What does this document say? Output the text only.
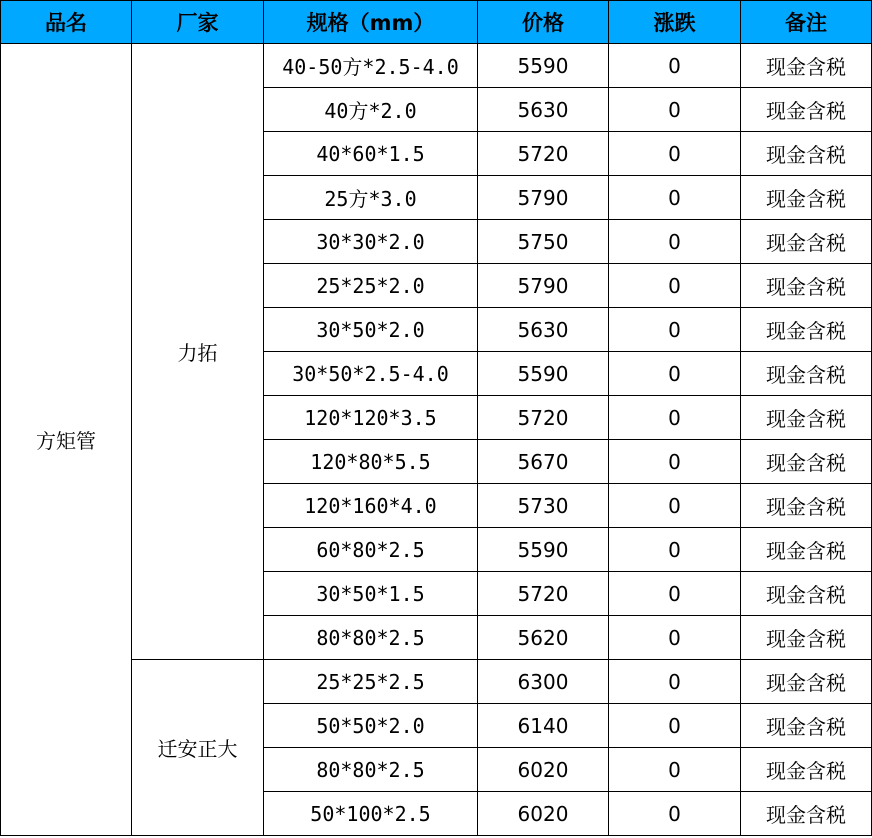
品名	厂家	规格（mm）	价格	涨跌	备注
方矩管	力拓	40-50方*2.5-4.0	5590	0	现金含税
		40方*2.0	5630	0	现金含税
		40*60*1.5	5720	0	现金含税
		25方*3.0	5790	0	现金含税
		30*30*2.0	5750	0	现金含税
		25*25*2.0	5790	0	现金含税
		30*50*2.0	5630	0	现金含税
		30*50*2.5-4.0	5590	0	现金含税
		120*120*3.5	5720	0	现金含税
		120*80*5.5	5670	0	现金含税
		120*160*4.0	5730	0	现金含税
		60*80*2.5	5590	0	现金含税
		30*50*1.5	5720	0	现金含税
		80*80*2.5	5620	0	现金含税
	迁安正大	25*25*2.5	6300	0	现金含税
		50*50*2.0	6140	0	现金含税
		80*80*2.5	6020	0	现金含税
		50*100*2.5	6020	0	现金含税
